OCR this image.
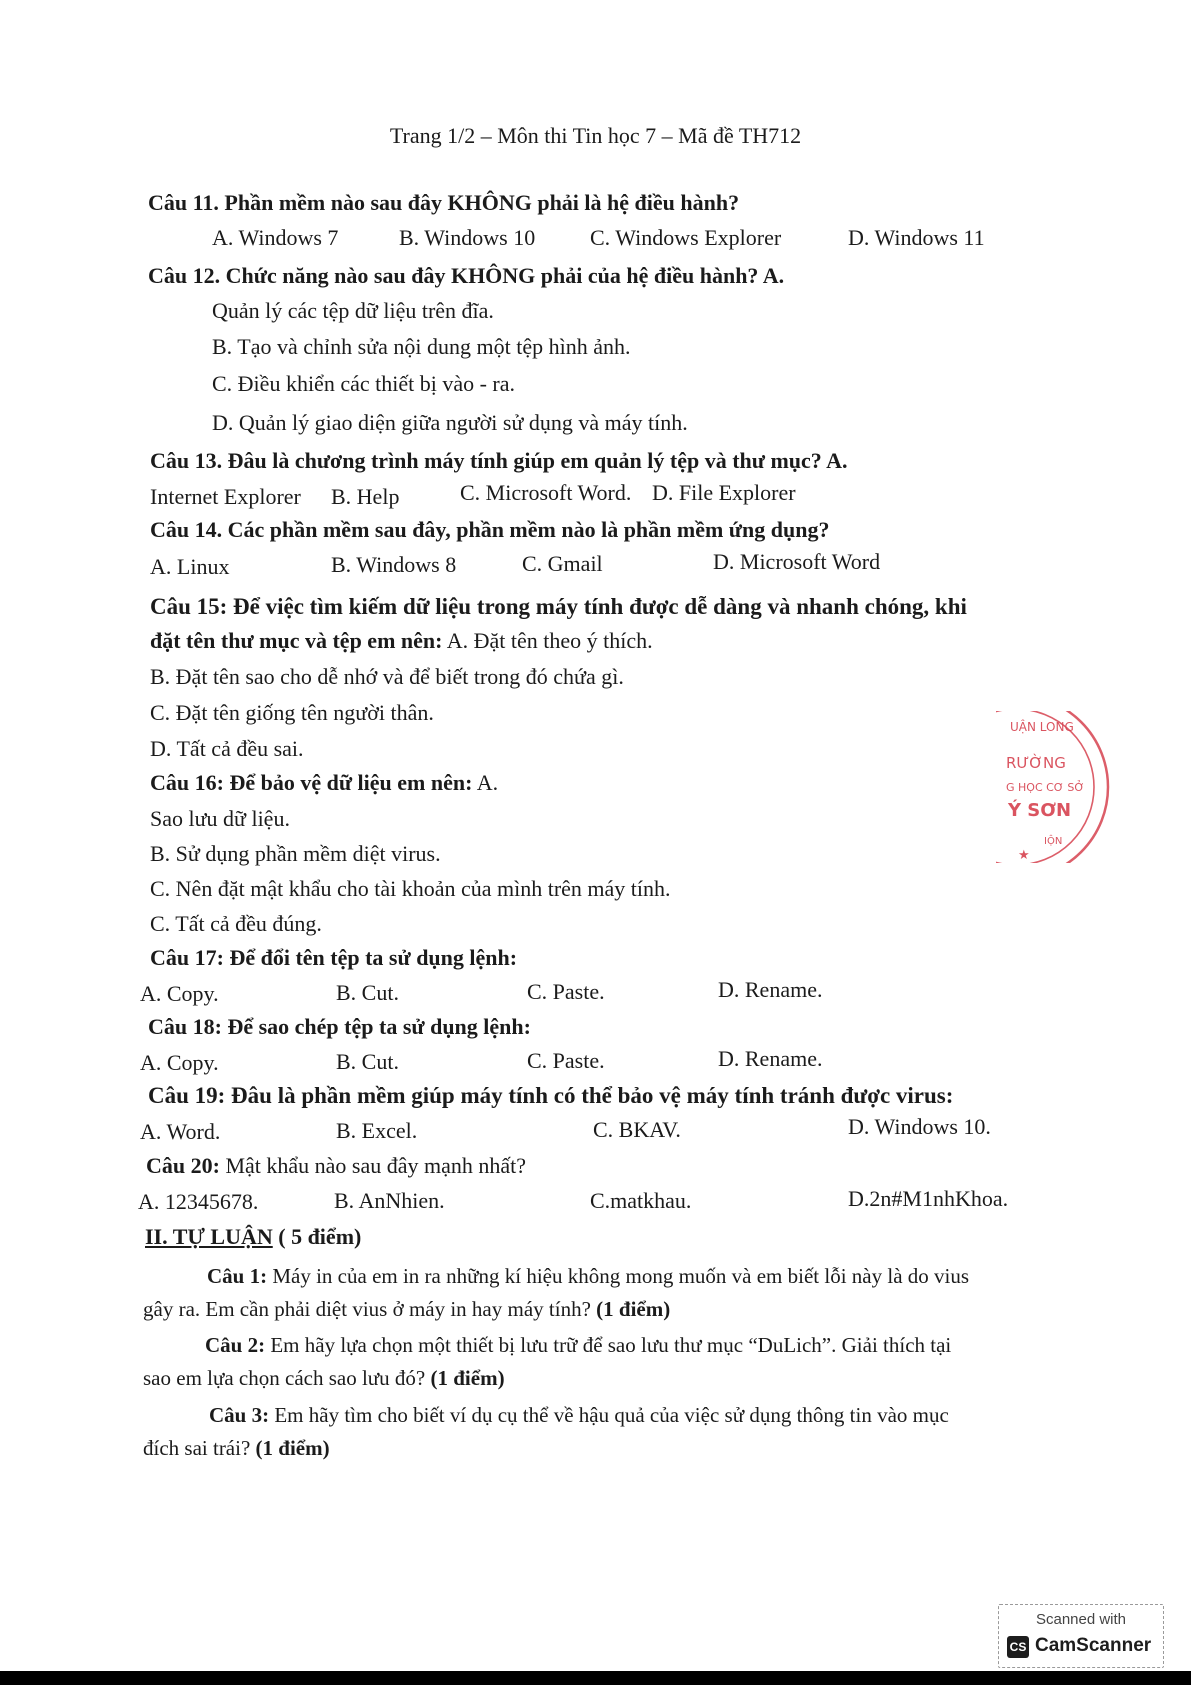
Trang 1/2 – Môn thi Tin học 7 – Mã đề TH712
Câu 11. Phần mềm nào sau đây KHÔNG phải là hệ điều hành?
A. Windows 7	B. Windows 10 C. Windows Explorer	D. Windows 11
Câu 12. Chức năng nào sau đây KHÔNG phải của hệ điều hành? A.
Quản lý các tệp dữ liệu trên đĩa.
B. Tạo và chỉnh sửa nội dung một tệp hình ảnh.
C. Điều khiển các thiết bị vào - ra.
D. Quản lý giao diện giữa người sử dụng và máy tính.
Câu 13. Đâu là chương trình máy tính giúp em quản lý tệp và thư mục? A.
Internet Explorer B. Help	C. Microsoft Word. D. File Explorer
Câu 14. Các phần mềm sau đây, phần mềm nào là phần mềm ứng dụng?
A. Linux	B. Windows 8	C. Gmail	D. Microsoft Word
Câu 15: Để việc tìm kiếm dữ liệu trong máy tính được dễ dàng và nhanh chóng, khi
đặt tên thư mục và tệp em nên: A. Đặt tên theo ý thích.
B. Đặt tên sao cho dễ nhớ và để biết trong đó chứa gì.
C. Đặt tên giống tên người thân.
D. Tất cả đều sai.
Câu 16: Để bảo vệ dữ liệu em nên: A.
Sao lưu dữ liệu.
B. Sử dụng phần mềm diệt virus.
C. Nên đặt mật khẩu cho tài khoản của mình trên máy tính.
C. Tất cả đều đúng.
Câu 17: Để đổi tên tệp ta sử dụng lệnh:
A. Copy.	B. Cut.	C. Paste.	D. Rename.
Câu 18: Để sao chép tệp ta sử dụng lệnh:
A. Copy.	B. Cut.	C. Paste.	D. Rename.
Câu 19: Đâu là phần mềm giúp máy tính có thể bảo vệ máy tính tránh được virus:
A. Word.	B. Excel.	C. BKAV.	D. Windows 10.
Câu 20: Mật khẩu nào sau đây mạnh nhất?
A. 12345678.	B. AnNhien.	C.matkhau.	D.2n#M1nhKhoa.
II. TỰ LUẬN ( 5 điểm)
Câu 1: Máy in của em in ra những kí hiệu không mong muốn và em biết lỗi này là do vius
gây ra. Em cần phải diệt vius ở máy in hay máy tính? (1 điểm)
Câu 2: Em hãy lựa chọn một thiết bị lưu trữ để sao lưu thư mục “DuLich”. Giải thích tại
sao em lựa chọn cách sao lưu đó? (1 điểm)
Câu 3: Em hãy tìm cho biết ví dụ cụ thể về hậu quả của việc sử dụng thông tin vào mục
đích sai trái? (1 điểm)
UẬN LONG
RƯỜNG
G HỌC CƠ SỞ
Ý SƠN
IỘN
★
Scanned with
CS CamScanner
